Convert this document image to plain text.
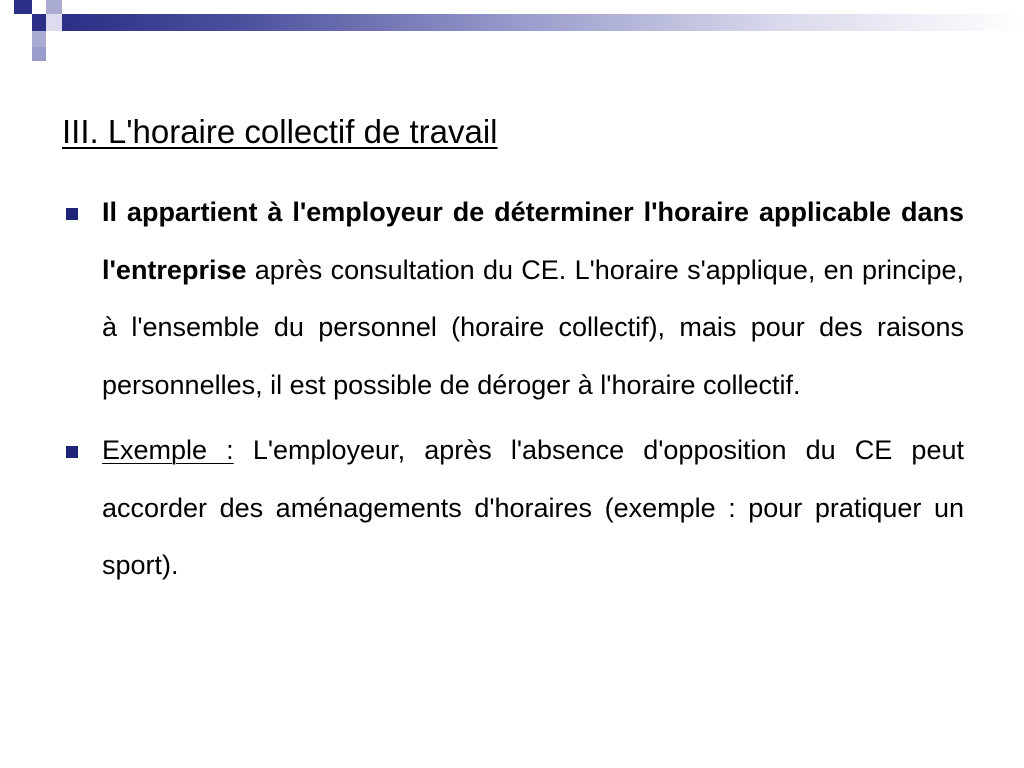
III. L'horaire collectif de travail
Il appartient à l'employeur de déterminer l'horaire applicable dans l'entreprise après consultation du CE. L'horaire s'applique, en principe, à l'ensemble du personnel (horaire collectif), mais pour des raisons personnelles, il est possible de déroger à l'horaire collectif.
Exemple : L'employeur, après l'absence d'opposition du CE peut accorder des aménagements d'horaires (exemple : pour pratiquer un sport).
